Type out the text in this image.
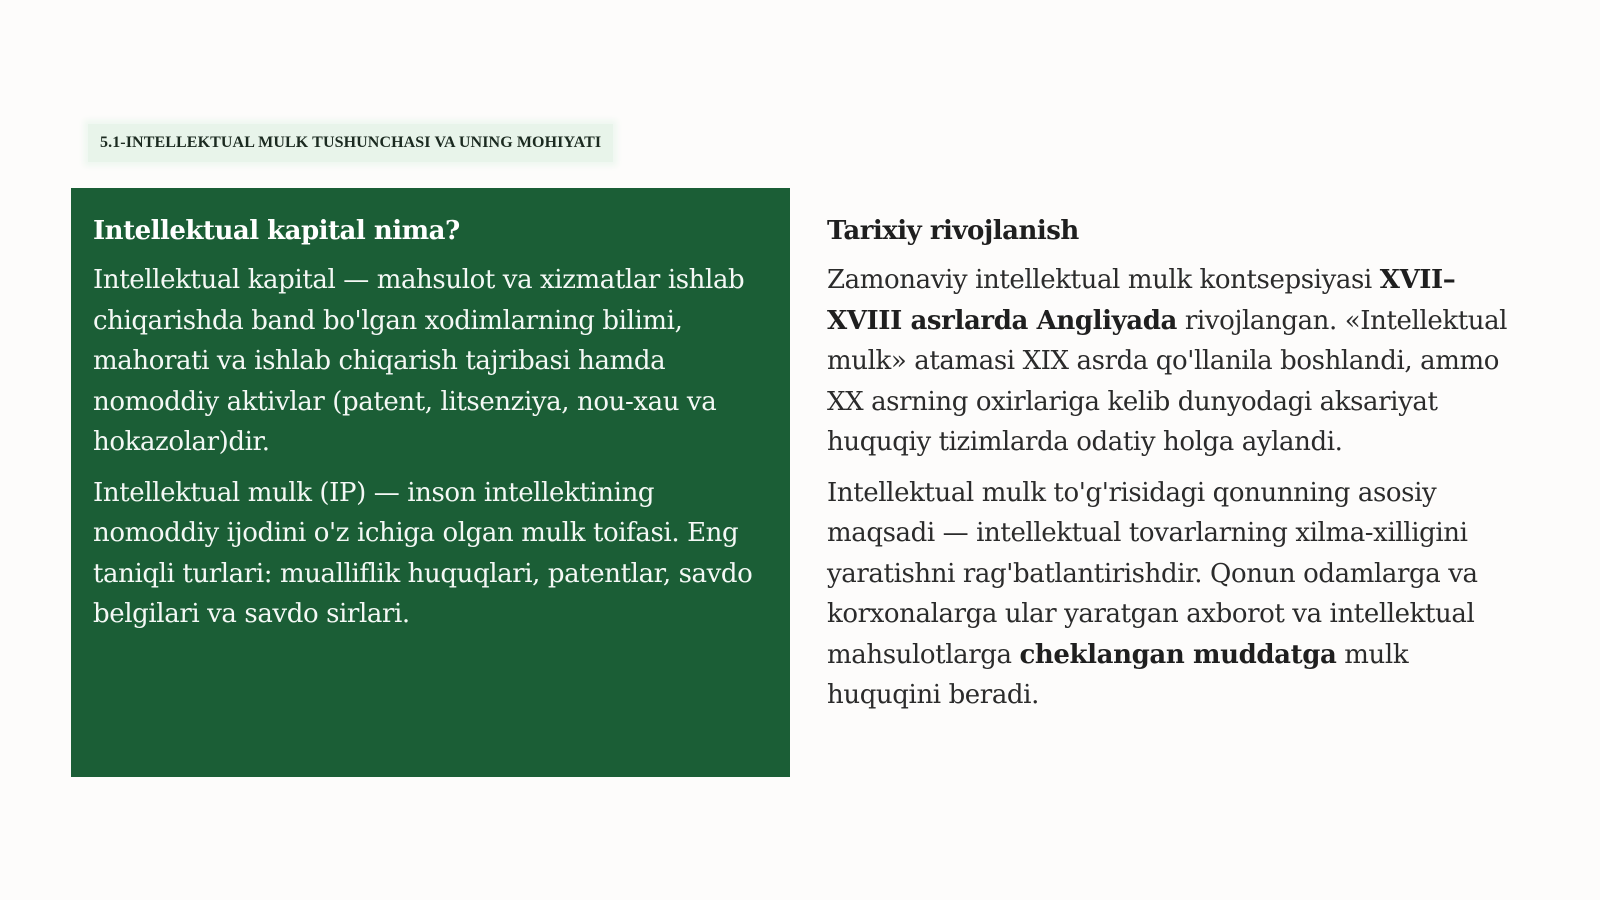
5.1-INTELLEKTUAL MULK TUSHUNCHASI VA UNING MOHIYATI
Intellektual kapital nima?

Intellektual kapital — mahsulot va xizmatlar ishlab chiqarishda band bo'lgan xodimlarning bilimi, mahorati va ishlab chiqarish tajribasi hamda nomoddiy aktivlar (patent, litsenziya, nou-xau va hokazolar)dir.

Intellektual mulk (IP) — inson intellektining nomoddiy ijodini o'z ichiga olgan mulk toifasi. Eng taniqli turlari: mualliflik huquqlari, patentlar, savdo belgilari va savdo sirlari.

Tarixiy rivojlanish

Zamonaviy intellektual mulk kontsepsiyasi XVII–XVIII asrlarda Angliyada rivojlangan. «Intellektual mulk» atamasi XIX asrda qo'llanila boshlandi, ammo XX asrning oxirlariga kelib dunyodagi aksariyat huquqiy tizimlarda odatiy holga aylandi.

Intellektual mulk to'g'risidagi qonunning asosiy maqsadi — intellektual tovarlarning xilma-xilligini yaratishni rag'batlantirishdir. Qonun odamlarga va korxonalarga ular yaratgan axborot va intellektual mahsulotlarga cheklangan muddatga mulk huquqini beradi.
